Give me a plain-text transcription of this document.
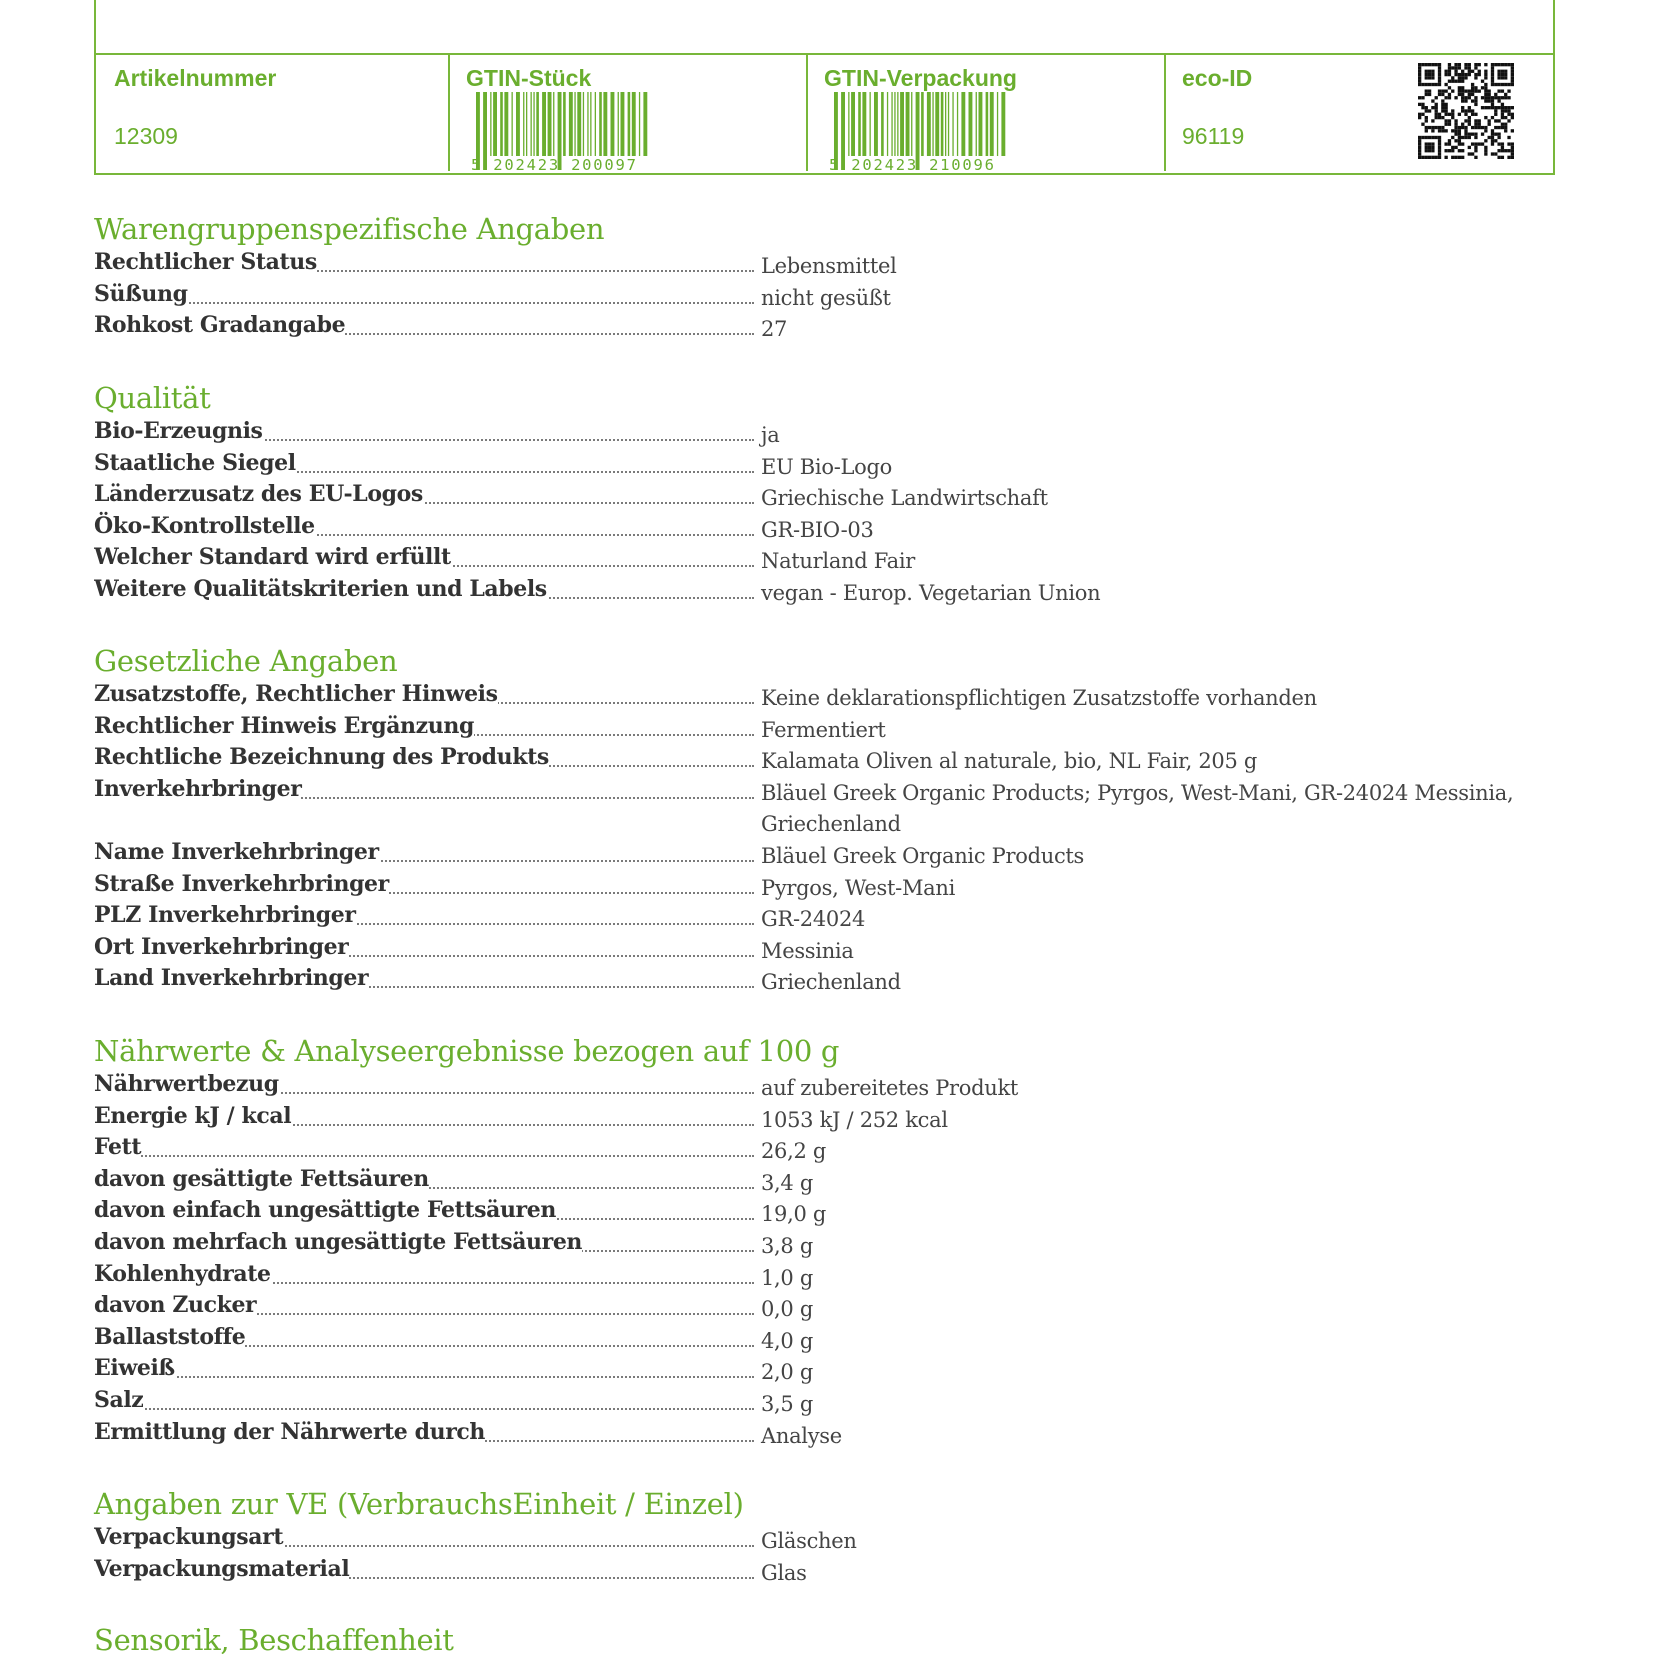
Artikelnummer
12309
GTIN-Stück
5 202423 200097
GTIN-Verpackung
5 202423 210096
eco-ID
96119
Warengruppenspezifische Angaben
Rechtlicher Status	Lebensmittel
Süßung	nicht gesüßt
Rohkost Gradangabe	27
Qualität
Bio-Erzeugnis	ja
Staatliche Siegel	EU Bio-Logo
Länderzusatz des EU-Logos	Griechische Landwirtschaft
Öko-Kontrollstelle	GR-BIO-03
Welcher Standard wird erfüllt	Naturland Fair
Weitere Qualitätskriterien und Labels	vegan - Europ. Vegetarian Union
Gesetzliche Angaben
Zusatzstoffe, Rechtlicher Hinweis	Keine deklarationspflichtigen Zusatzstoffe vorhanden
Rechtlicher Hinweis Ergänzung	Fermentiert
Rechtliche Bezeichnung des Produkts	Kalamata Oliven al naturale, bio, NL Fair, 205 g
Inverkehrbringer	Bläuel Greek Organic Products; Pyrgos, West-Mani, GR-24024 Messinia, Griechenland
Name Inverkehrbringer	Bläuel Greek Organic Products
Straße Inverkehrbringer	Pyrgos, West-Mani
PLZ Inverkehrbringer	GR-24024
Ort Inverkehrbringer	Messinia
Land Inverkehrbringer	Griechenland
Nährwerte & Analyseergebnisse bezogen auf 100 g
Nährwertbezug	auf zubereitetes Produkt
Energie kJ / kcal	1053 kJ / 252 kcal
Fett	26,2 g
davon gesättigte Fettsäuren	3,4 g
davon einfach ungesättigte Fettsäuren	19,0 g
davon mehrfach ungesättigte Fettsäuren	3,8 g
Kohlenhydrate	1,0 g
davon Zucker	0,0 g
Ballaststoffe	4,0 g
Eiweiß	2,0 g
Salz	3,5 g
Ermittlung der Nährwerte durch	Analyse
Angaben zur VE (VerbrauchsEinheit / Einzel)
Verpackungsart	Gläschen
Verpackungsmaterial	Glas
Sensorik, Beschaffenheit
